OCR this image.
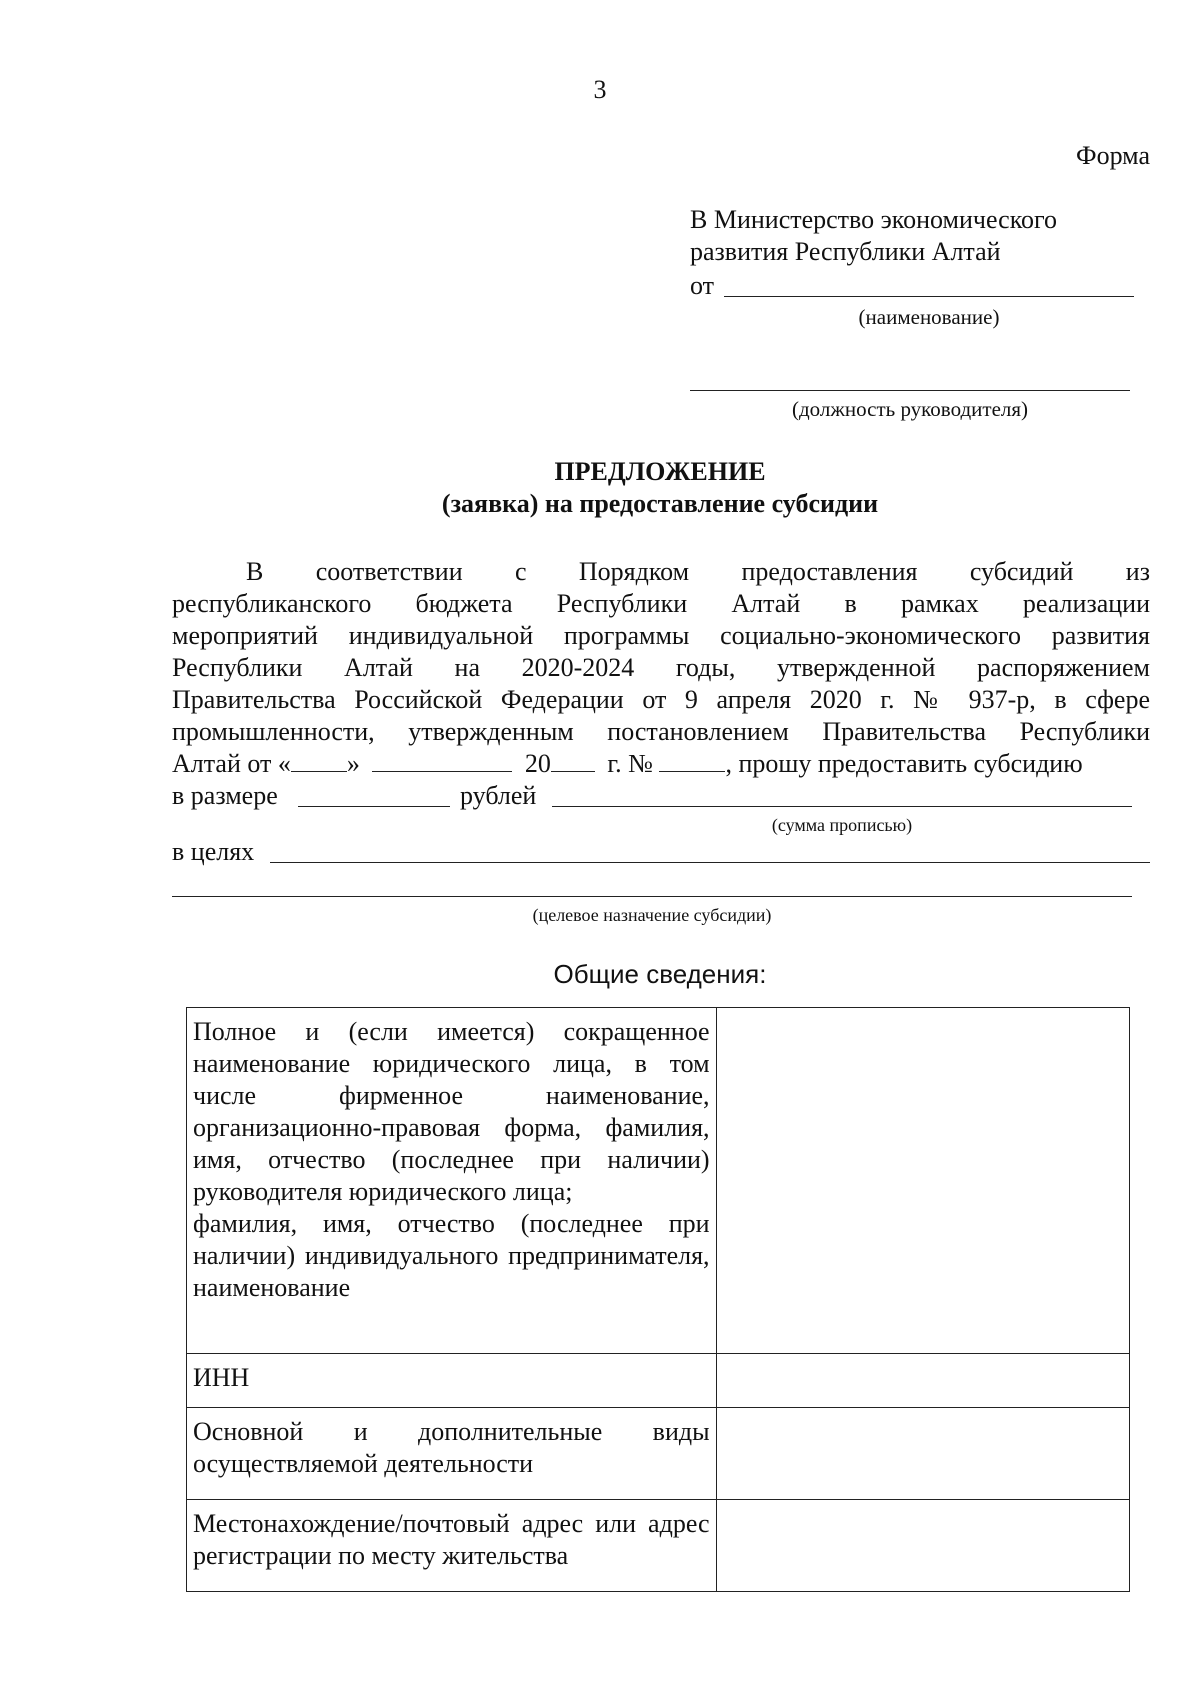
3
Форма
В Министерство экономического
развития Республики Алтай
от
(наименование)
(должность руководителя)
ПРЕДЛОЖЕНИЕ
(заявка) на предоставление субсидии
В соответствии с Порядком предоставления субсидий из
республиканского бюджета Республики Алтай в рамках реализации
мероприятий индивидуальной программы социально-экономического развития
Республики Алтай на 2020-2024 годы, утвержденной распоряжением
Правительства Российской Федерации от 9 апреля 2020 г. № 937-р, в сфере
промышленности, утвержденным постановлением Правительства Республики
Алтай от « »	20 г. №	, прошу предоставить субсидию
в размере	рублей
(сумма прописью)
в целях
(целевое назначение субсидии)
Общие сведения:
Полное и (если имеется) сокращенное наименование юридического лица, в том числе фирменное наименование, организационно-правовая форма, фамилия, имя, отчество (последнее при наличии) руководителя юридического лица;
фамилия, имя, отчество (последнее при наличии) индивидуального предпринимателя, наименование	

ИНН	

Основной и дополнительные виды осуществляемой деятельности	

Местонахождение/почтовый адрес или адрес регистрации по месту жительства	
